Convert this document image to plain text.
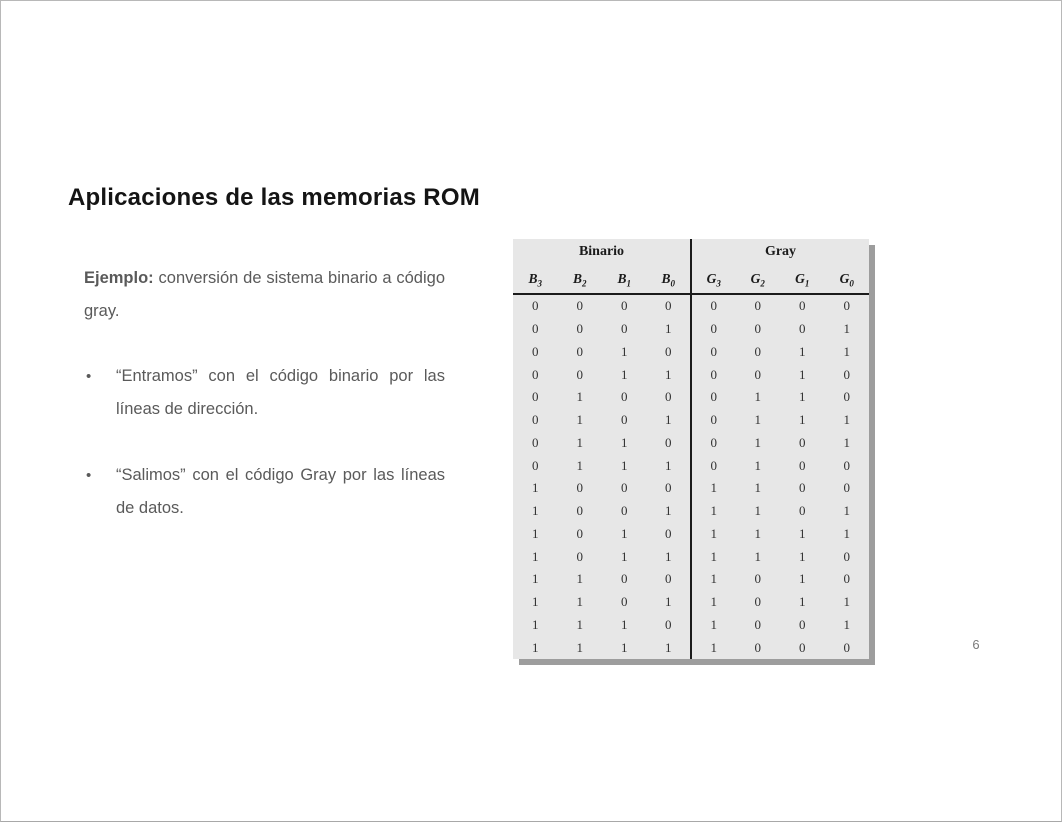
Aplicaciones de las memorias ROM

Ejemplo: conversión de sistema binario a código gray.

• “Entramos” con el código binario por las líneas de dirección.
• “Salimos” con el código Gray por las líneas de datos.
Binario				Gray			
$B_3$	$B_2$	$B_1$	$B_0$	$G_3$	$G_2$	$G_1$	$G_0$
0	0	0	0	0	0	0	0
0	0	0	1	0	0	0	1
0	0	1	0	0	0	1	1
0	0	1	1	0	0	1	0
0	1	0	0	0	1	1	0
0	1	0	1	0	1	1	1
0	1	1	0	0	1	0	1
0	1	1	1	0	1	0	0
1	0	0	0	1	1	0	0
1	0	0	1	1	1	0	1
1	0	1	0	1	1	1	1
1	0	1	1	1	1	1	0
1	1	0	0	1	0	1	0
1	1	0	1	1	0	1	1
1	1	1	0	1	0	0	1
1	1	1	1	1	0	0	0	6
